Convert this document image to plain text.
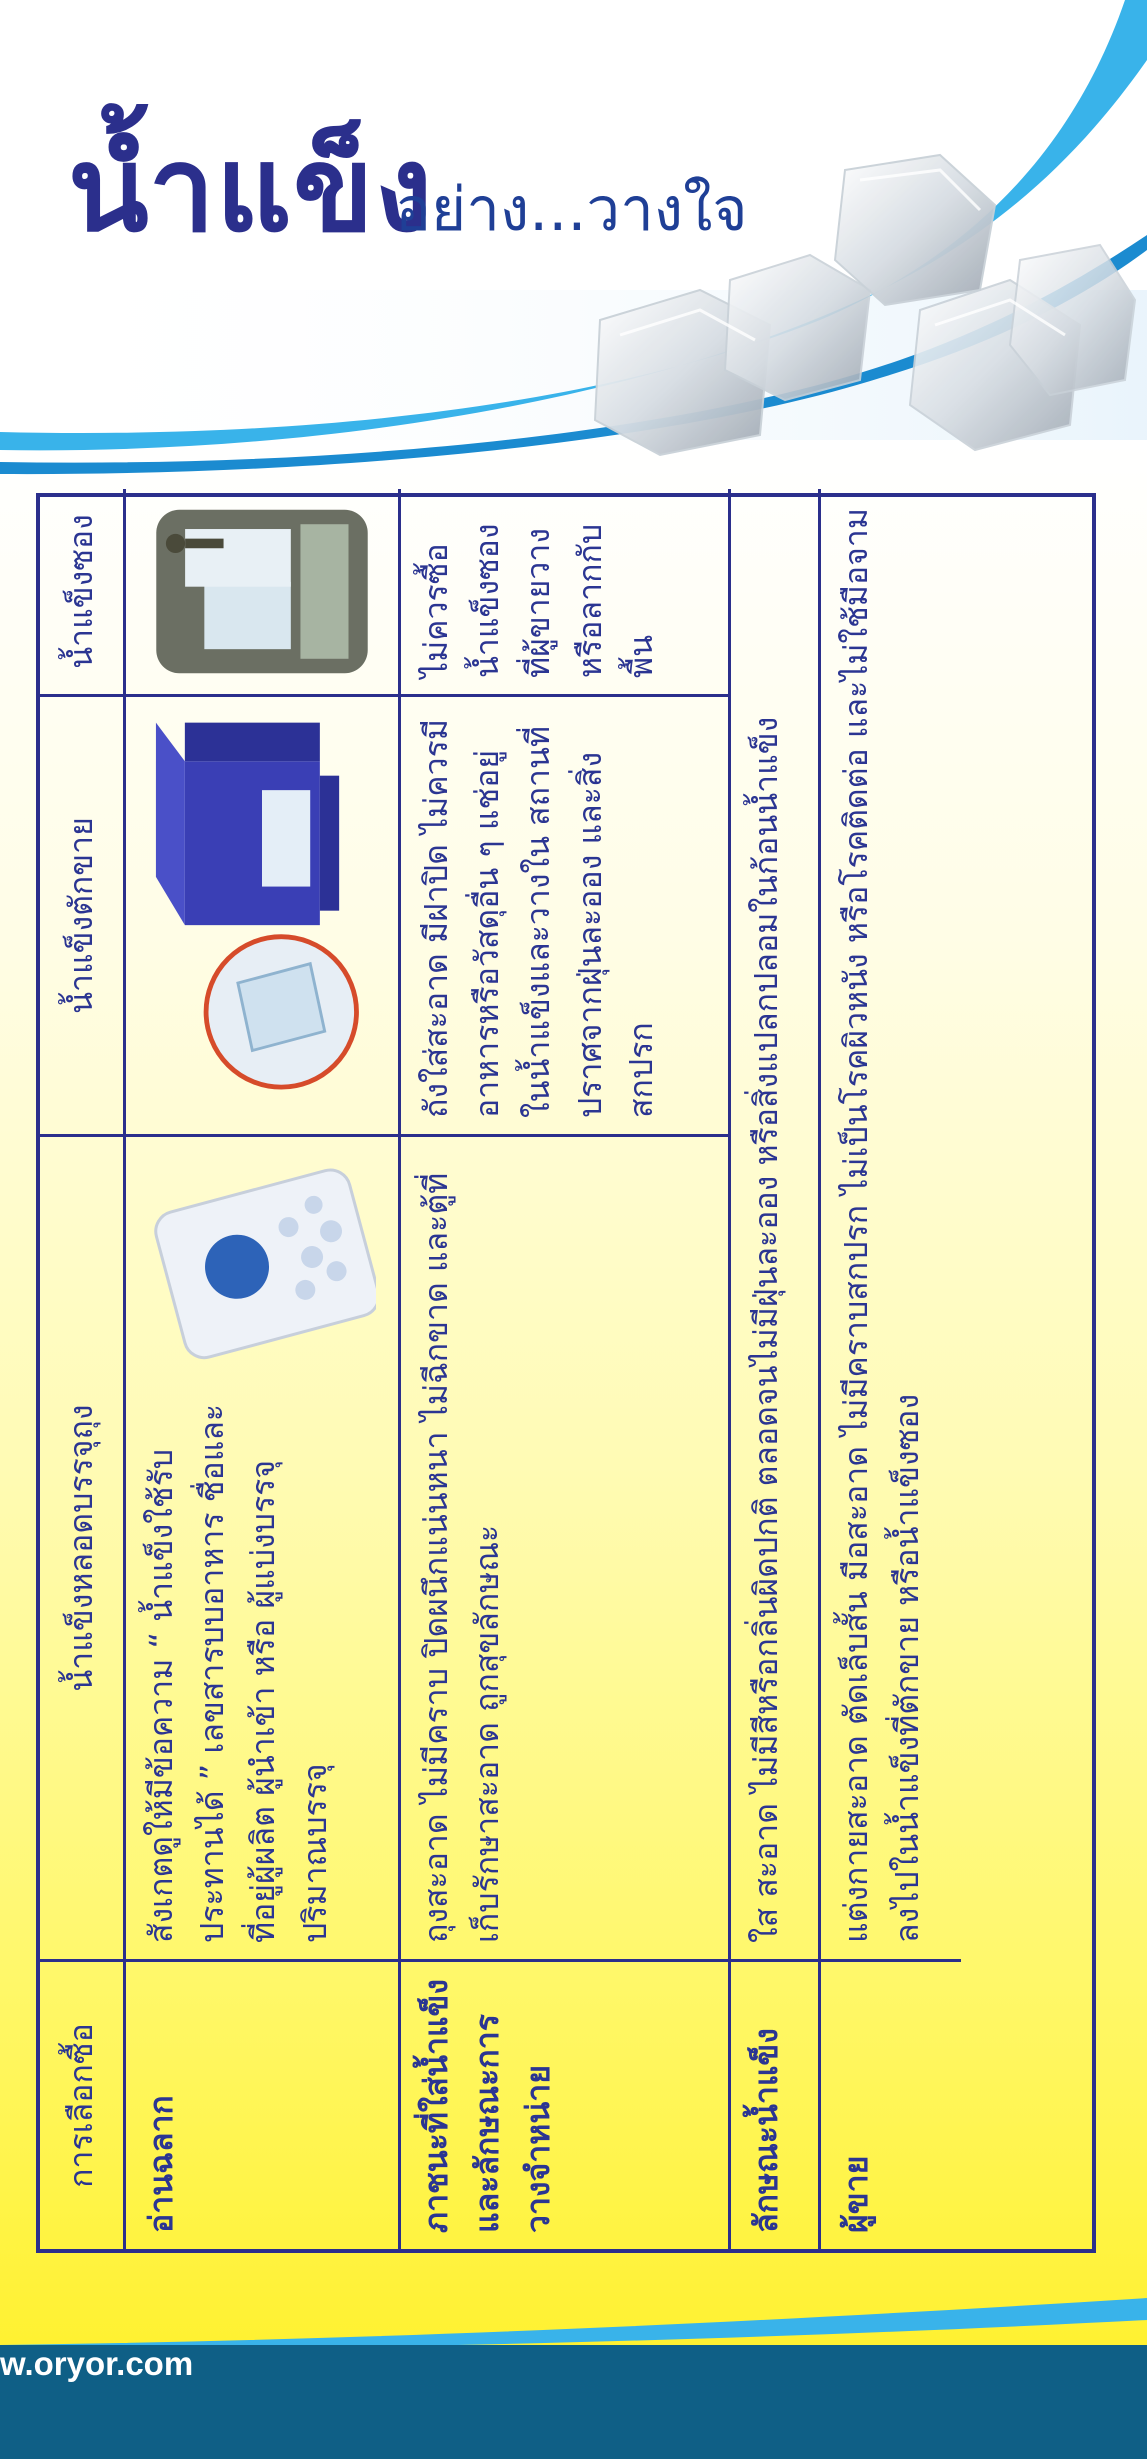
น้ำแข็ง
อย่าง...วางใจ
การเลือกซื้อ
น้ำแข็งหลอดบรรจุถุง
น้ำแข็งตักขาย
น้ำแข็งซอง
อ่านฉลาก
สังเกตดูให้มีข้อความ “ น้ำแข็งใช้รับประทานได้ ” เลขสารบบอาหาร ชื่อและที่อยู่ผู้ผลิต ผู้นำเข้า หรือ ผู้แบ่งบรรจุ ปริมาณบรรจุ
ภาชนะที่ใส่น้ำแข็ง และลักษณะการวางจำหน่าย
ถุงสะอาด ไม่มีคราบ ปิดผนึกแน่นหนา ไม่ฉีกขาด และตู้ที่เก็บรักษาสะอาด ถูกสุขลักษณะ
ถังใส่สะอาด มีฝาปิด ไม่ควรมีอาหารหรือวัสดุอื่น ๆ แช่อยู่ในน้ำแข็งและวางใน สถานที่ปราศจากฝุ่นละออง และสิ่งสกปรก
ไม่ควรซื้อน้ำแข็งซองที่ผู้ขายวางหรือลากกับพื้น
ลักษณะน้ำแข็ง
ใส สะอาด ไม่มีสีหรือกลิ่นผิดปกติ ตลอดจนไม่มีฝุ่นละออง หรือสิ่งแปลกปลอมในก้อนน้ำแข็ง
ผู้ขาย
แต่งกายสะอาด ตัดเล็บสั้น มือสะอาด ไม่มีคราบสกปรก ไม่เป็นโรคผิวหนัง หรือโรคติดต่อ และไม่ใช้มือจามลงไปในน้ำแข็งที่ตักขาย หรือน้ำแข็งซอง
w.oryor.com
